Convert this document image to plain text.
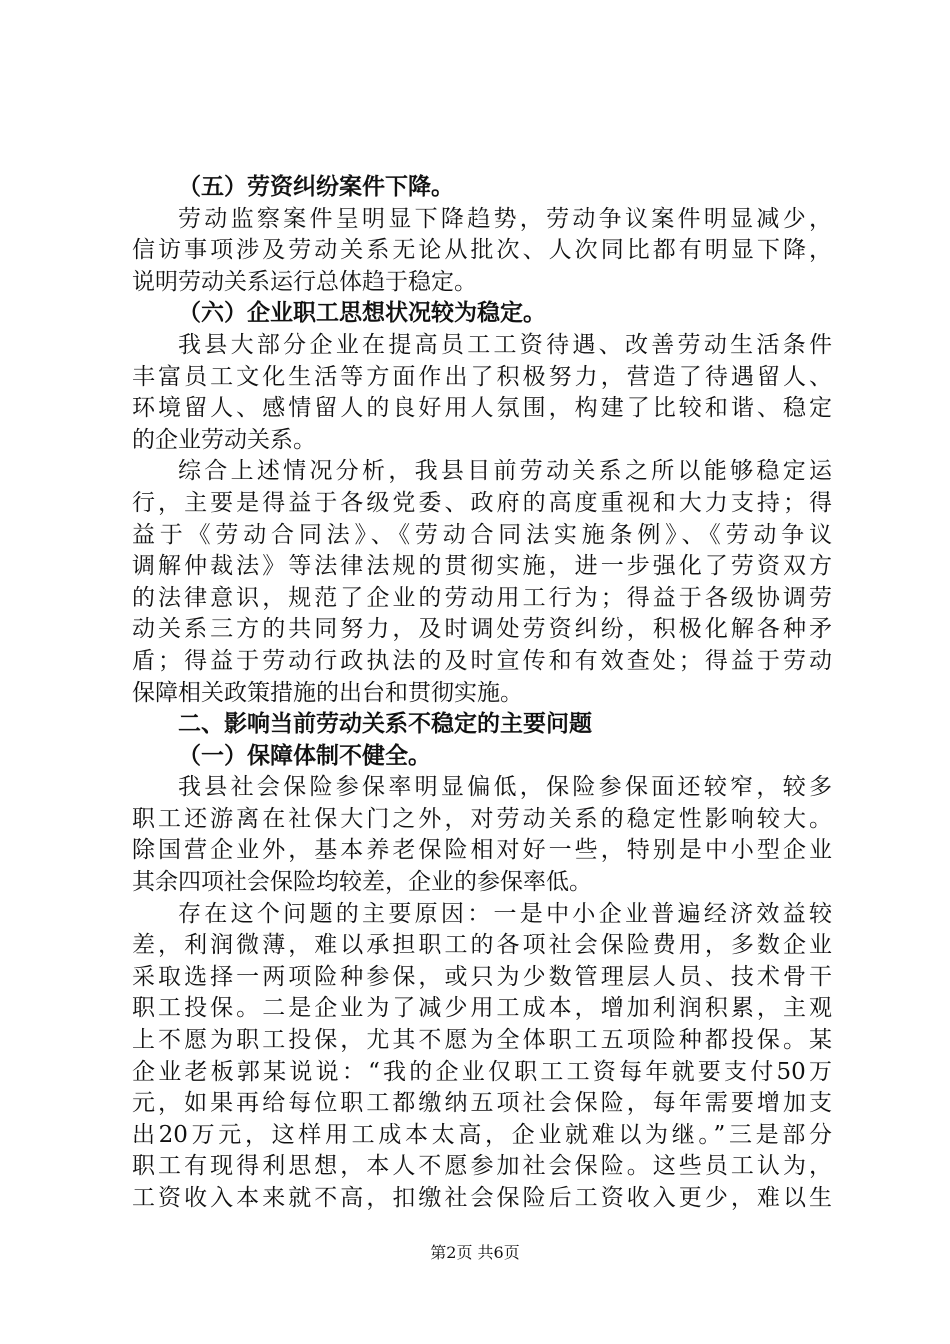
（五）劳资纠纷案件下降。
劳动监察案件呈明显下降趋势，劳动争议案件明显减少，
信访事项涉及劳动关系无论从批次、人次同比都有明显下降，
说明劳动关系运行总体趋于稳定。
（六）企业职工思想状况较为稳定。
我县大部分企业在提高员工工资待遇、改善劳动生活条件
丰富员工文化生活等方面作出了积极努力，营造了待遇留人、
环境留人、感情留人的良好用人氛围，构建了比较和谐、稳定
的企业劳动关系。
综合上述情况分析，我县目前劳动关系之所以能够稳定运
行，主要是得益于各级党委、政府的高度重视和大力支持；得
益于《劳动合同法》、《劳动合同法实施条例》、《劳动争议
调解仲裁法》等法律法规的贯彻实施，进一步强化了劳资双方
的法律意识，规范了企业的劳动用工行为；得益于各级协调劳
动关系三方的共同努力，及时调处劳资纠纷，积极化解各种矛
盾；得益于劳动行政执法的及时宣传和有效查处；得益于劳动
保障相关政策措施的出台和贯彻实施。
二、影响当前劳动关系不稳定的主要问题
（一）保障体制不健全。
我县社会保险参保率明显偏低，保险参保面还较窄，较多
职工还游离在社保大门之外，对劳动关系的稳定性影响较大。
除国营企业外，基本养老保险相对好一些，特别是中小型企业
其余四项社会保险均较差，企业的参保率低。
存在这个问题的主要原因：一是中小企业普遍经济效益较
差，利润微薄，难以承担职工的各项社会保险费用，多数企业
采取选择一两项险种参保，或只为少数管理层人员、技术骨干
职工投保。二是企业为了减少用工成本，增加利润积累，主观
上不愿为职工投保，尤其不愿为全体职工五项险种都投保。某
企业老板郭某说说：“我的企业仅职工工资每年就要支付50万
元，如果再给每位职工都缴纳五项社会保险，每年需要增加支
出20万元，这样用工成本太高，企业就难以为继。”三是部分
职工有现得利思想，本人不愿参加社会保险。这些员工认为，
工资收入本来就不高，扣缴社会保险后工资收入更少，难以生
第2页 共6页
